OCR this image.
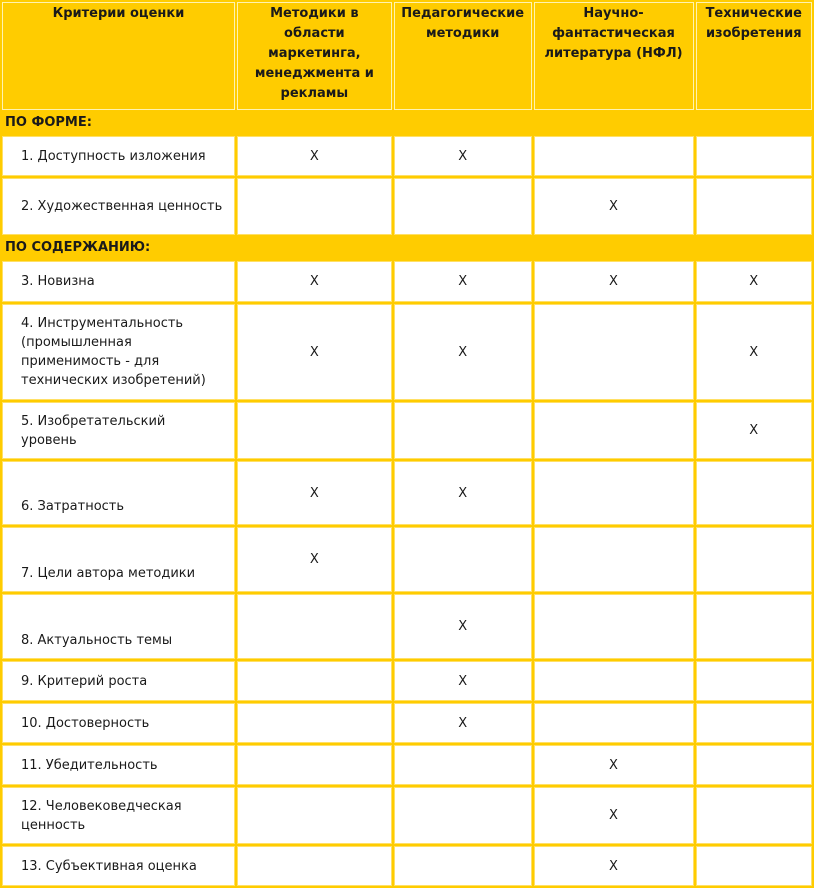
Критерии оценки	Методики в области маркетинга, менеджмента и рекламы	Педагогические методики	Научно-фантастическая литература (НФЛ)	Технические изобретения
ПО ФОРМЕ:				
1. Доступность изложения	X	X		
2. Художественная ценность			X	
ПО СОДЕРЖАНИЮ:				
3. Новизна	X	X	X	X
4. Инструментальность (промышленная применимость - для технических изобретений)	X	X		X
5. Изобретательский уровень				X
6. Затратность	X	X		
7. Цели автора методики	X			
8. Актуальность темы		X		
9. Критерий роста		X		
10. Достоверность		X		
11. Убедительность			X	
12. Человековедческая ценность			X	
13. Субъективная оценка			X	
